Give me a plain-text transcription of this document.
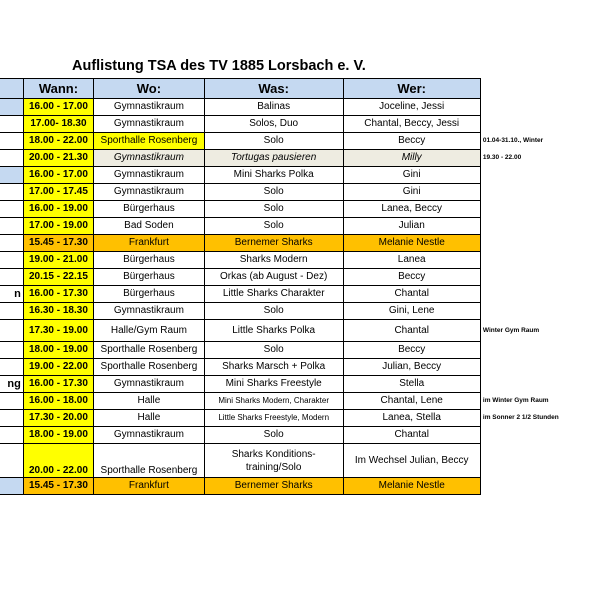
Auflistung TSA des TV 1885 Lorsbach e. V.
	Wann:	Wo:	Was:	Wer:	
	16.00 - 17.00	Gymnastikraum	Balinas	Joceline, Jessi	
	17.00- 18.30	Gymnastikraum	Solos, Duo	Chantal, Beccy, Jessi	
	18.00 - 22.00	Sporthalle Rosenberg	Solo	Beccy	01.04-31.10., Winter
	20.00 - 21.30	Gymnastikraum	Tortugas pausieren	Milly	19.30 - 22.00
	16.00 - 17.00	Gymnastikraum	Mini Sharks Polka	Gini	
	17.00 - 17.45	Gymnastikraum	Solo	Gini	
	16.00 - 19.00	Bürgerhaus	Solo	Lanea, Beccy	
	17.00 - 19.00	Bad Soden	Solo	Julian	
	15.45 - 17.30	Frankfurt	Bernemer Sharks	Melanie Nestle	
	19.00 - 21.00	Bürgerhaus	Sharks Modern	Lanea	
	20.15 - 22.15	Bürgerhaus	Orkas (ab August - Dez)	Beccy	
n	16.00 - 17.30	Bürgerhaus	Little Sharks Charakter	Chantal	
	16.30 - 18.30	Gymnastikraum	Solo	Gini, Lene	
	17.30 - 19.00	Halle/Gym Raum	Little Sharks Polka	Chantal	Winter Gym Raum
	18.00 - 19.00	Sporthalle Rosenberg	Solo	Beccy	
	19.00 - 22.00	Sporthalle Rosenberg	Sharks Marsch + Polka	Julian, Beccy	
ng	16.00 - 17.30	Gymnastikraum	Mini Sharks Freestyle	Stella	
	16.00 - 18.00	Halle	Mini Sharks Modern, Charakter	Chantal, Lene	im Winter Gym Raum
	17.30 - 20.00	Halle	Little Sharks Freestyle, Modern	Lanea, Stella	im Sonner 2 1/2 Stunden
	18.00 - 19.00	Gymnastikraum	Solo	Chantal	
	20.00 - 22.00	Sporthalle Rosenberg	Sharks Konditions-training/Solo	Im Wechsel Julian, Beccy	
	15.45 - 17.30	Frankfurt	Bernemer Sharks	Melanie Nestle	
